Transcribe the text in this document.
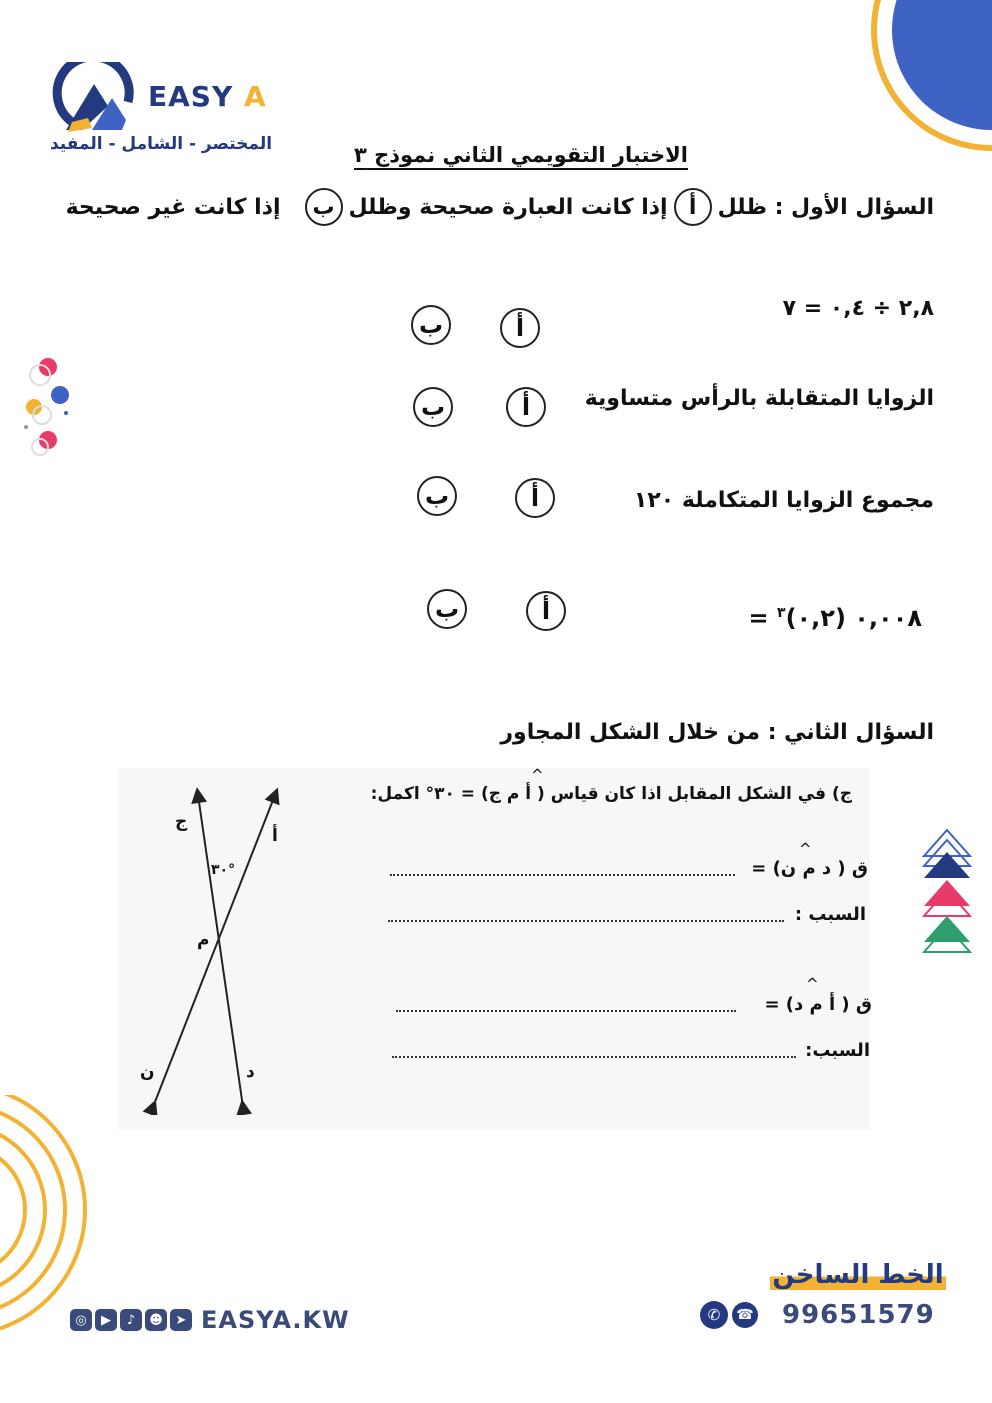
EASY A
المختصر - الشامل - المفيد	الاختبار التقويمي الثاني نموذج ٣
السؤال الأول : ظلل
أ
إذا كانت العبارة صحيحة وظلل
ب
إذا كانت غير صحيحة
٢,٨ ÷ ٠,٤ = ٧
أ
ب
الزوايا المتقابلة بالرأس متساوية
أ
ب
مجموع الزوايا المتكاملة ١٢٠
أ
ب
= ٠,٠٠٨ (٠,٢)$^٣$
أ
ب
السؤال الثاني : من خلال الشكل المجاور
ج) في الشكل المقابل اذا كان قياس ( أ م ج) = ٣٠° اكمل:
^
ق ( د م ن) =
^
السبب :
ق ( أ م د) =
^
السبب:
ج
أ
٣٠°
م
ن	د
◎	▶	♪	☻ ➤ EASYA.KW
الخط الساخن
✆	☎ 99651579
